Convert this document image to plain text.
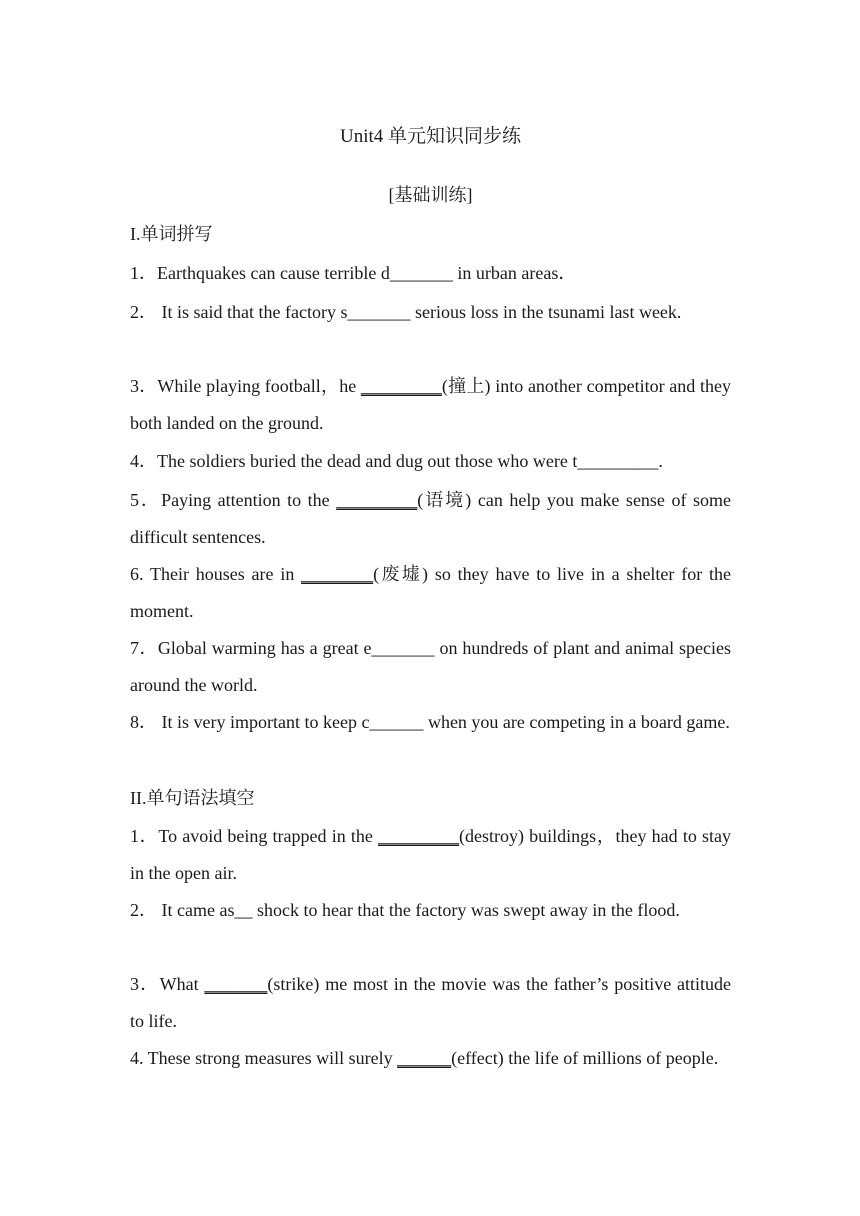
Unit4 单元知识同步练
[基础训练]
I.单词拼写
1．Earthquakes can cause terrible d_______ in urban areas．
2． It is said that the factory s_______ serious loss in the tsunami last week.
3．While playing football，he _________(撞上) into another competitor and they both landed on the ground.
4．The soldiers buried the dead and dug out those who were t_________.
5．Paying attention to the _________(语境) can help you make sense of some difficult sentences.
6. Their houses are in ________(废墟) so they have to live in a shelter for the moment.
7．Global warming has a great e_______ on hundreds of plant and animal species around the world.
8． It is very important to keep c______ when you are competing in a board game.
II.单句语法填空
1．To avoid being trapped in the _________(destroy) buildings，they had to stay in the open air.
2． It came as__ shock to hear that the factory was swept away in the flood.
3．What _______(strike) me most in the movie was the father’s positive attitude to life.
4. These strong measures will surely ______(effect) the life of millions of people.
